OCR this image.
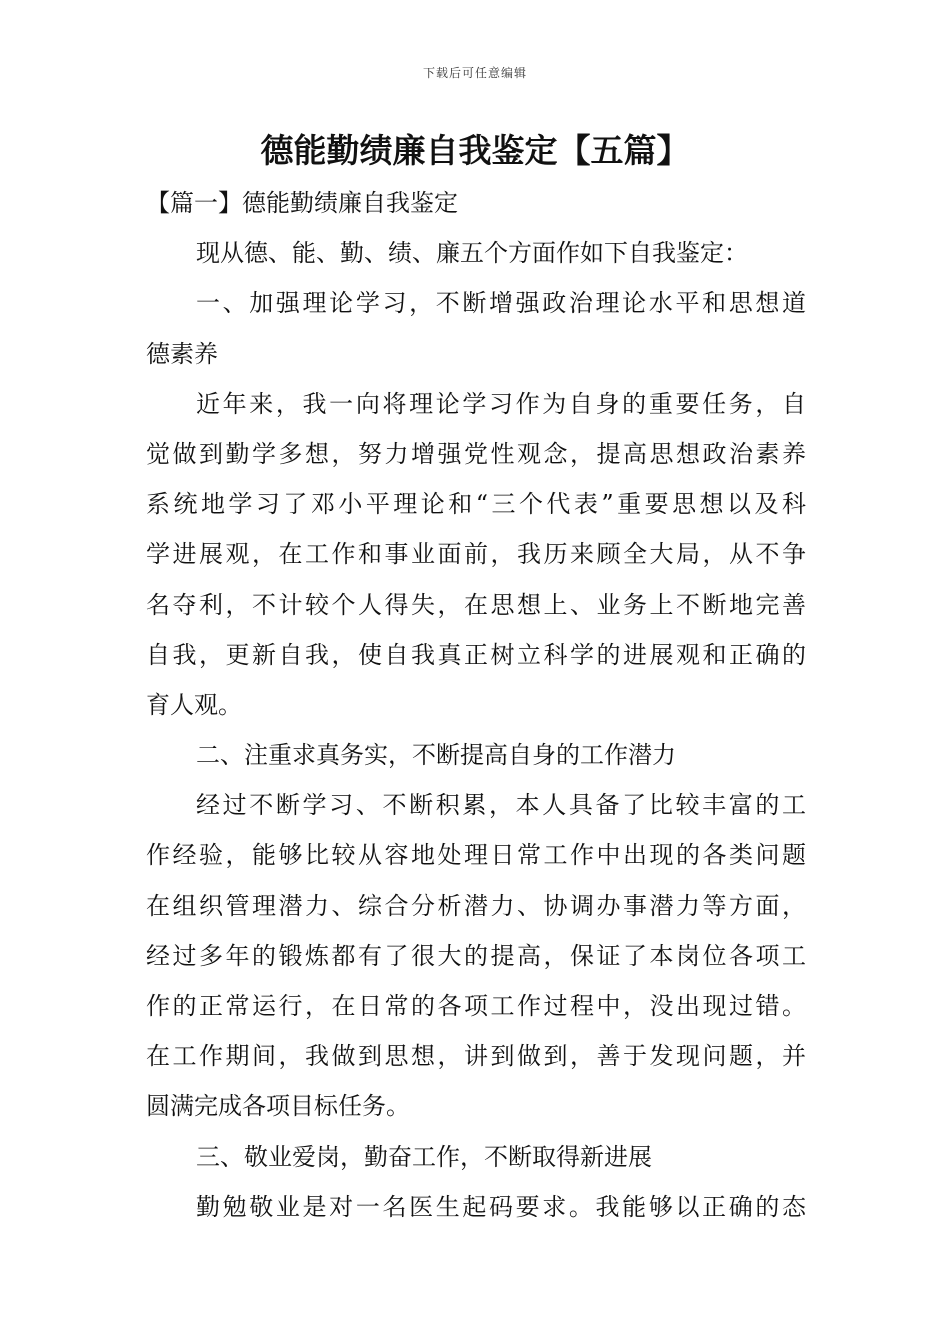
下载后可任意编辑
德能勤绩廉自我鉴定【五篇】
【篇一】德能勤绩廉自我鉴定
现从德、能、勤、绩、廉五个方面作如下自我鉴定：
一、加强理论学习，不断增强政治理论水平和思想道
德素养
近年来，我一向将理论学习作为自身的重要任务，自
觉做到勤学多想，努力增强党性观念，提高思想政治素养
系统地学习了邓小平理论和“三个代表”重要思想以及科
学进展观，在工作和事业面前，我历来顾全大局，从不争
名夺利，不计较个人得失，在思想上、业务上不断地完善
自我，更新自我，使自我真正树立科学的进展观和正确的
育人观。
二、注重求真务实，不断提高自身的工作潜力
经过不断学习、不断积累，本人具备了比较丰富的工
作经验，能够比较从容地处理日常工作中出现的各类问题
在组织管理潜力、综合分析潜力、协调办事潜力等方面，
经过多年的锻炼都有了很大的提高，保证了本岗位各项工
作的正常运行，在日常的各项工作过程中，没出现过错。
在工作期间，我做到思想，讲到做到，善于发现问题，并
圆满完成各项目标任务。
三、敬业爱岗，勤奋工作，不断取得新进展
勤勉敬业是对一名医生起码要求。我能够以正确的态
